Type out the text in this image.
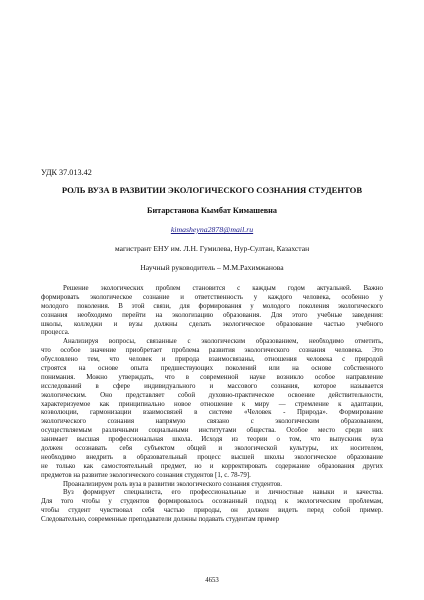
УДК 37.013.42
РОЛЬ ВУЗА В РАЗВИТИИ ЭКОЛОГИЧЕСКОГО СОЗНАНИЯ СТУДЕНТОВ
Битарстанова Кымбат Кимашевна
kimasheyna2878@mail.ru
магистрант ЕНУ им. Л.Н. Гумилева, Нур-Султан, Казахстан
Научный руководитель – М.М.Рахимжанова
Решение экологических проблем становится с каждым годом актуальней. Важно
формировать экологическое сознание и ответственность у каждого человека, особенно у
молодого поколения. В этой связи, для формирования у молодого поколения экологического
сознания необходимо перейти на экологизацию образования. Для этого учебные заведения:
школы, колледжи и вузы должны сделать экологическое образование частью учебного
процесса.
Анализируя вопросы, связанные с экологическим образованием, необходимо отметить,
что особое значение приобретает проблема развития экологического сознания человека. Это
обусловлено тем, что человек и природа взаимосвязаны, отношения человека с природой
строятся на основе опыта предшествующих поколений или на основе собственного
понимания. Можно утверждать, что в современной науке возникло особое направление
исследований в сфере индивидуального и массового сознания, которое называется
экологическим. Оно представляет собой духовно-практическое освоение действительности,
характеризуемое как принципиально новое отношение к миру — стремление к адаптации,
коэволюции, гармонизации взаимосвязей в системе «Человек - Природа». Формирование
экологического сознания напрямую связано с экологическим образованием,
осуществляемым различными социальными институтами общества. Особое место среди них
занимает высшая профессиональная школа. Исходя из теории о том, что выпускник вуза
должен осознавать себя субъектом общей и экологической культуры, их носителем,
необходимо внедрить в образовательный процесс высшей школы экологическое образование
не только как самостоятельный предмет, но и корректировать содержание образования других
предметов на развитие экологического сознания студентов [1, с. 78-79].
Проанализируем роль вуза в развитии экологического сознания студентов.
Вуз формирует специалиста, его профессиональные и личностные навыки и качества.
Для того чтобы у студентов формировалось осознанный подход к экологическим проблемам,
чтобы студент чувствовал себя частью природы, он должен видеть перед собой пример.
Следовательно, современные преподаватели должны подавать студентам пример
4653
